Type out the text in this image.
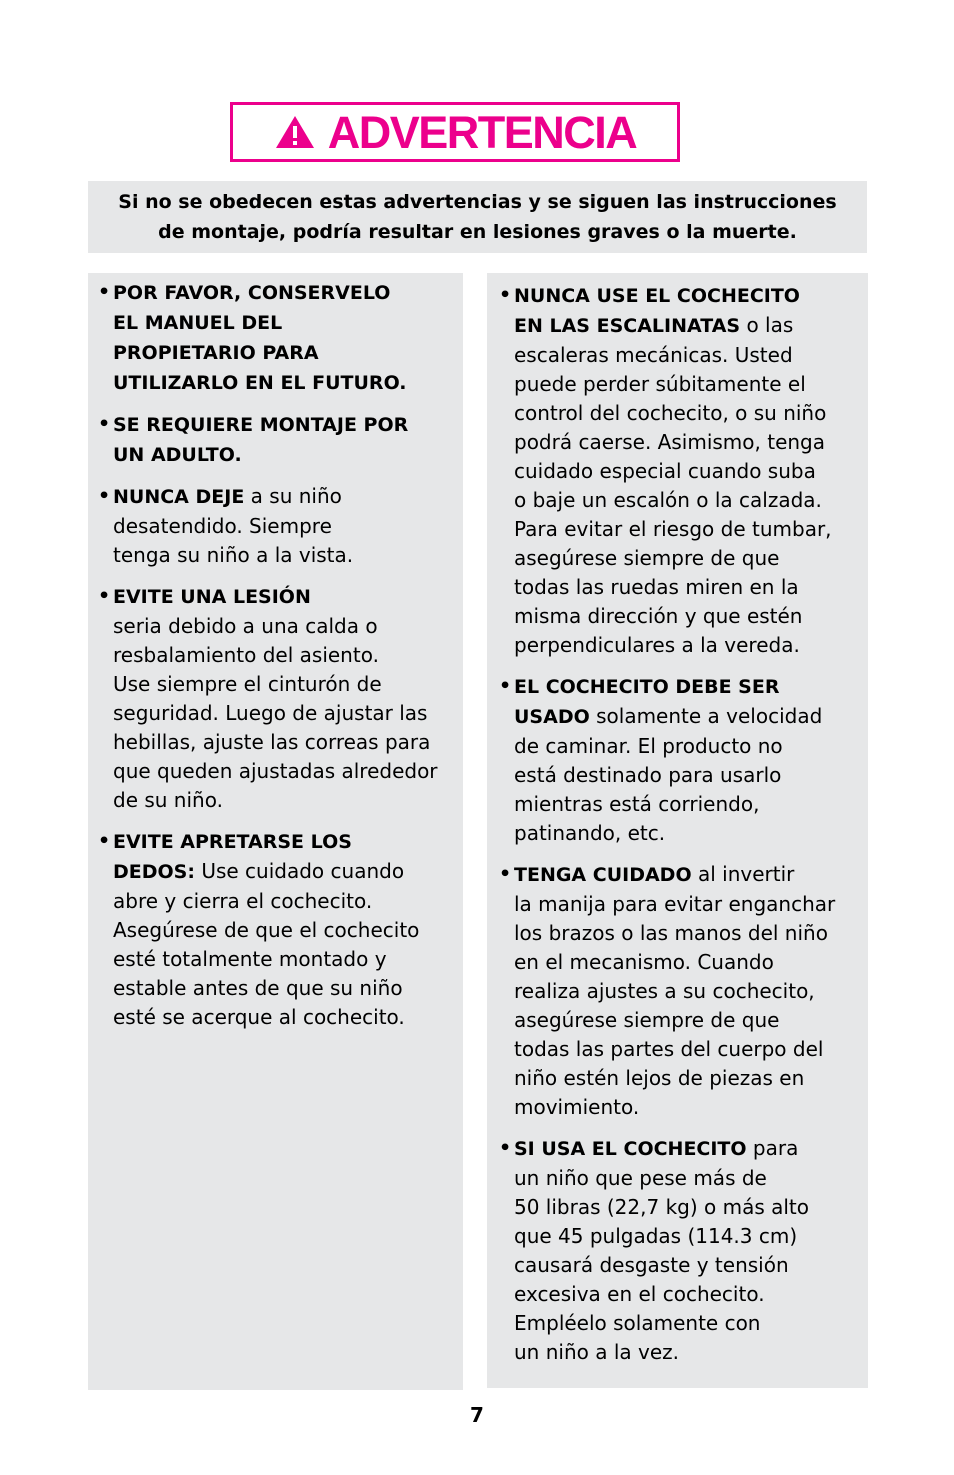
ADVERTENCIA
Si no se obedecen estas advertencias y se siguen las instrucciones
de montaje, podría resultar en lesiones graves o la muerte.
• POR FAVOR, CONSERVELO
EL MANUEL DEL
PROPIETARIO PARA
UTILIZARLO EN EL FUTURO.
• SE REQUIERE MONTAJE POR
UN ADULTO.
• NUNCA DEJE a su niño
desatendido. Siempre
tenga su niño a la vista.
• EVITE UNA LESIÓN
seria debido a una calda o
resbalamiento del asiento.
Use siempre el cinturón de
seguridad. Luego de ajustar las
hebillas, ajuste las correas para
que queden ajustadas alrededor
de su niño.
• EVITE APRETARSE LOS
DEDOS: Use cuidado cuando
abre y cierra el cochecito.
Asegúrese de que el cochecito
esté totalmente montado y
estable antes de que su niño
esté se acerque al cochecito.
• NUNCA USE EL COCHECITO
EN LAS ESCALINATAS o las
escaleras mecánicas. Usted
puede perder súbitamente el
control del cochecito, o su niño
podrá caerse. Asimismo, tenga
cuidado especial cuando suba
o baje un escalón o la calzada.
Para evitar el riesgo de tumbar,
asegúrese siempre de que
todas las ruedas miren en la
misma dirección y que estén
perpendiculares a la vereda.
• EL COCHECITO DEBE SER
USADO solamente a velocidad
de caminar. El producto no
está destinado para usarlo
mientras está corriendo,
patinando, etc.
• TENGA CUIDADO al invertir
la manija para evitar enganchar
los brazos o las manos del niño
en el mecanismo. Cuando
realiza ajustes a su cochecito,
asegúrese siempre de que
todas las partes del cuerpo del
niño estén lejos de piezas en
movimiento.
• SI USA EL COCHECITO para
un niño que pese más de
50 libras (22,7 kg) o más alto
que 45 pulgadas (114.3 cm)
causará desgaste y tensión
excesiva en el cochecito.
Empléelo solamente con
un niño a la vez.
7
